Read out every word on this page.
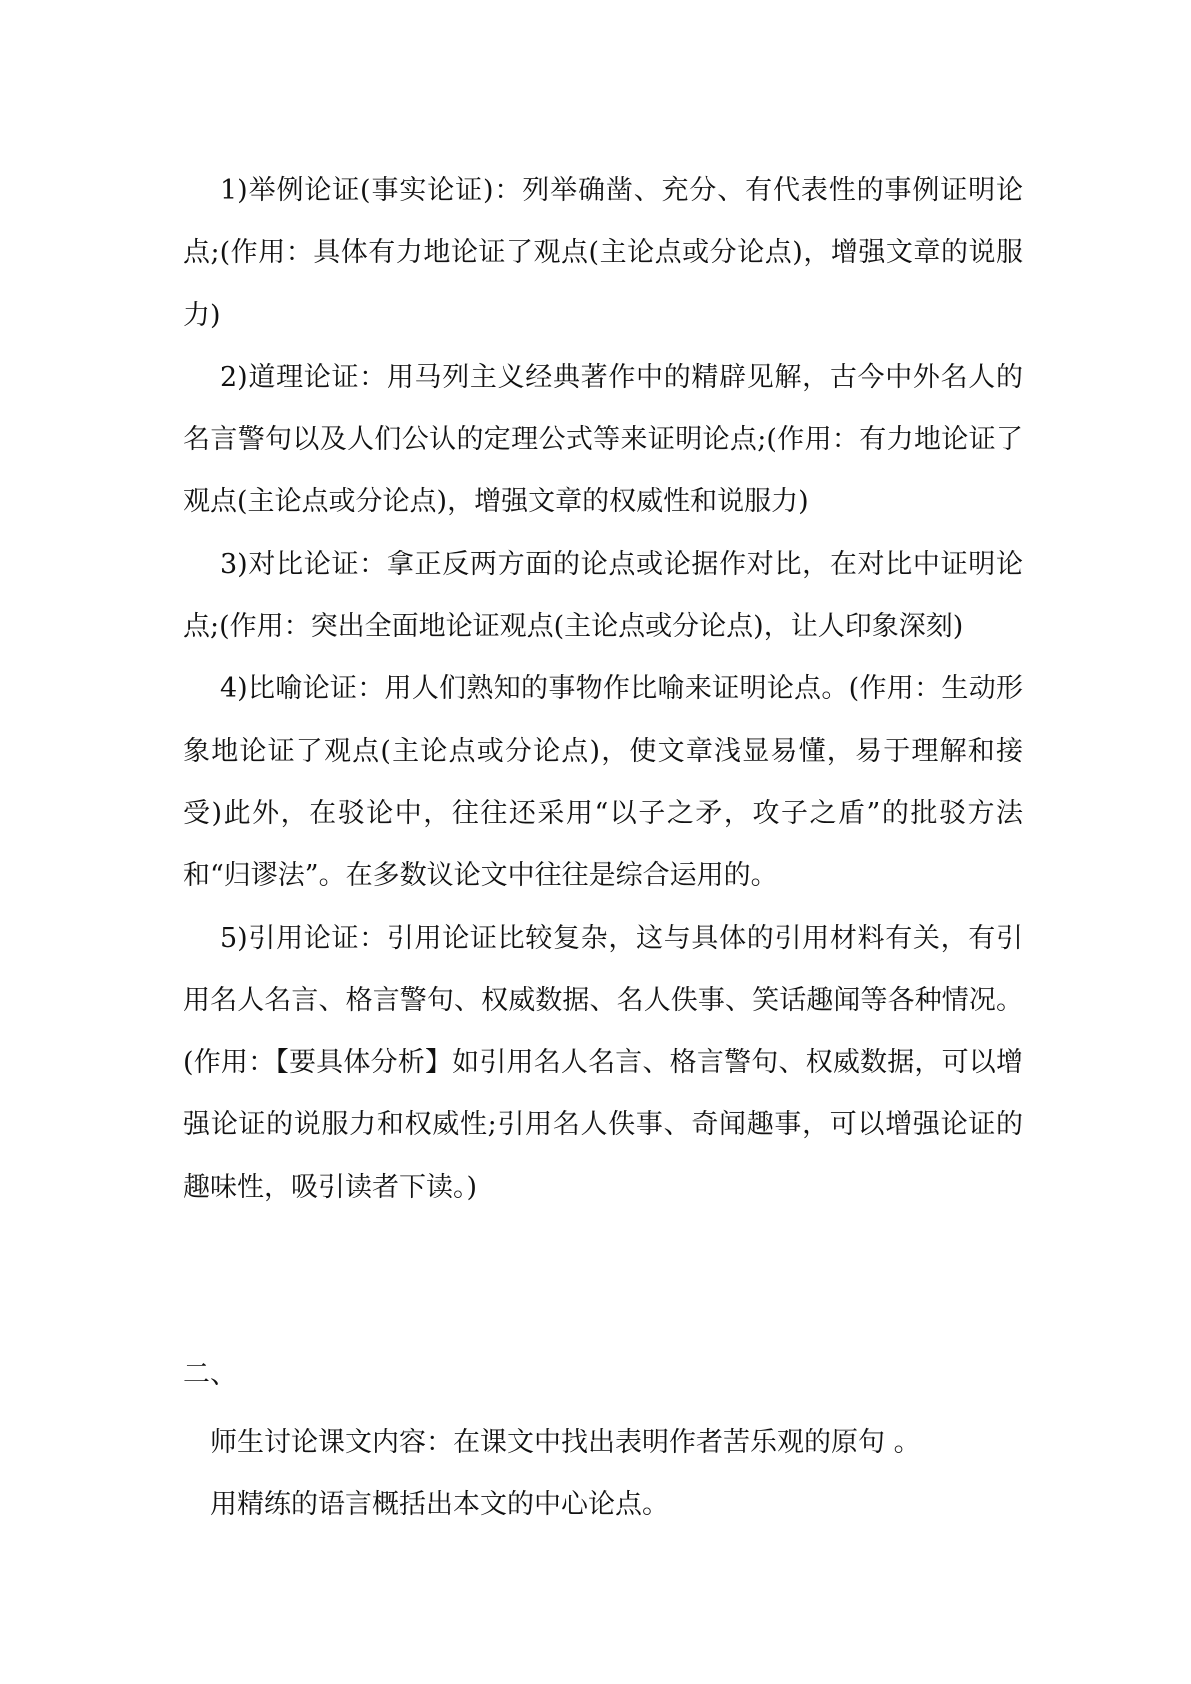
1)举例论证(事实论证)：列举确凿、充分、有代表性的事例证明论点;(作用：具体有力地论证了观点(主论点或分论点)，增强文章的说服力)

2)道理论证：用马列主义经典著作中的精辟见解，古今中外名人的名言警句以及人们公认的定理公式等来证明论点;(作用：有力地论证了观点(主论点或分论点)，增强文章的权威性和说服力)

3)对比论证：拿正反两方面的论点或论据作对比，在对比中证明论点;(作用：突出全面地论证观点(主论点或分论点)，让人印象深刻)

4)比喻论证：用人们熟知的事物作比喻来证明论点。(作用：生动形象地论证了观点(主论点或分论点)，使文章浅显易懂，易于理解和接受)此外，在驳论中，往往还采用“以子之矛，攻子之盾”的批驳方法和“归谬法”。在多数议论文中往往是综合运用的。

5)引用论证：引用论证比较复杂，这与具体的引用材料有关，有引用名人名言、格言警句、权威数据、名人佚事、笑话趣闻等各种情况。(作用：【要具体分析】如引用名人名言、格言警句、权威数据，可以增强论证的说服力和权威性;引用名人佚事、奇闻趣事，可以增强论证的趣味性，吸引读者下读。)

二、

师生讨论课文内容：在课文中找出表明作者苦乐观的原句 。

用精练的语言概括出本文的中心论点。
